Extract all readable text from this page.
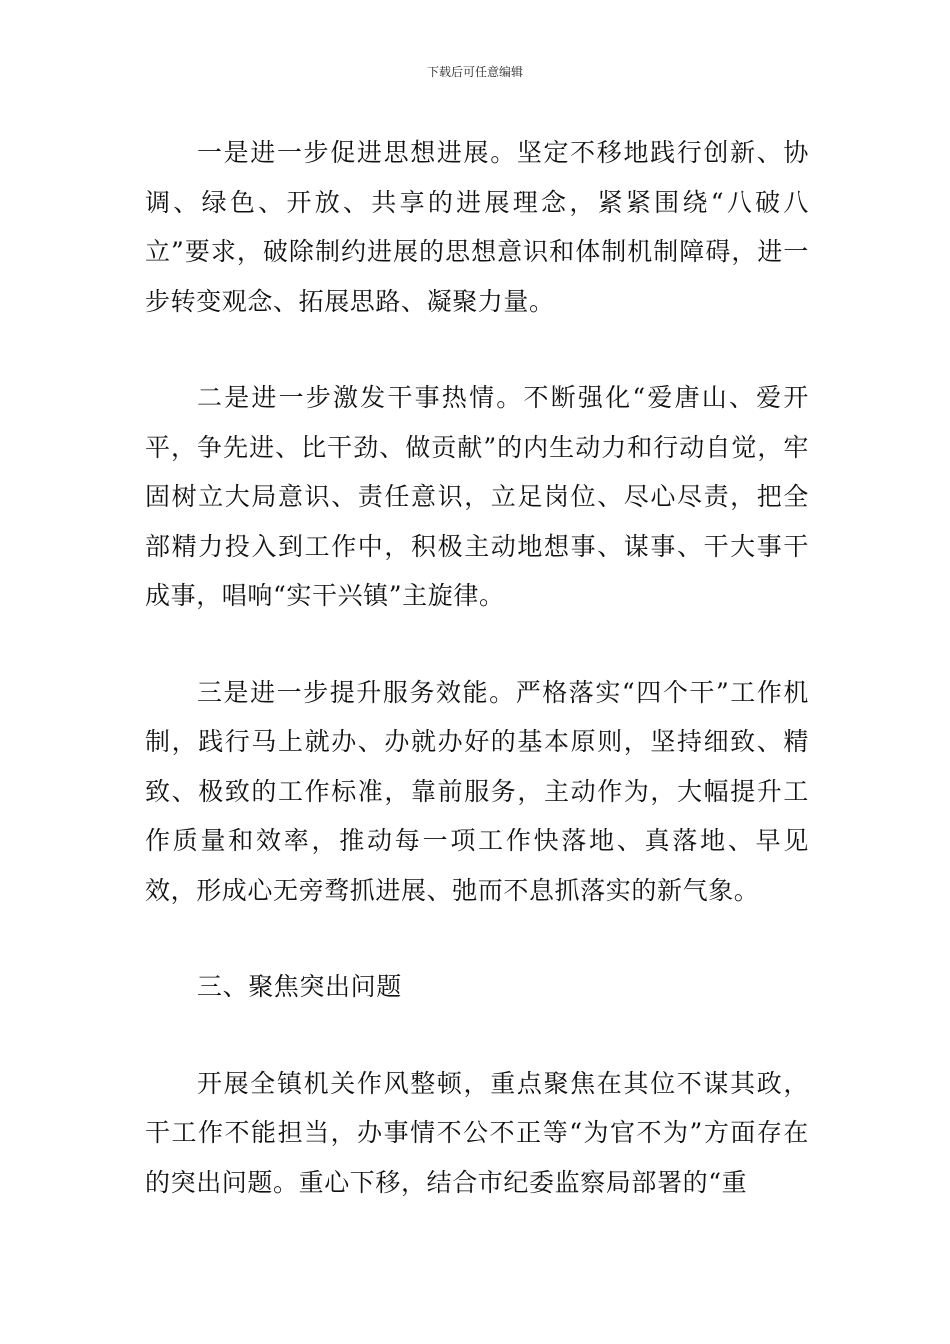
下载后可任意编辑

一是进一步促进思想进展。坚定不移地践行创新、协调、绿色、开放、共享的进展理念，紧紧围绕“八破八立”要求，破除制约进展的思想意识和体制机制障碍，进一步转变观念、拓展思路、凝聚力量。

二是进一步激发干事热情。不断强化“爱唐山、爱开平，争先进、比干劲、做贡献”的内生动力和行动自觉，牢固树立大局意识、责任意识，立足岗位、尽心尽责，把全部精力投入到工作中，积极主动地想事、谋事、干大事干成事，唱响“实干兴镇”主旋律。

三是进一步提升服务效能。严格落实“四个干”工作机制，践行马上就办、办就办好的基本原则，坚持细致、精致、极致的工作标准，靠前服务，主动作为，大幅提升工作质量和效率，推动每一项工作快落地、真落地、早见效，形成心无旁骛抓进展、弛而不息抓落实的新气象。

三、聚焦突出问题

开展全镇机关作风整顿，重点聚焦在其位不谋其政，干工作不能担当，办事情不公不正等“为官不为”方面存在的突出问题。重心下移，结合市纪委监察局部署的“重
